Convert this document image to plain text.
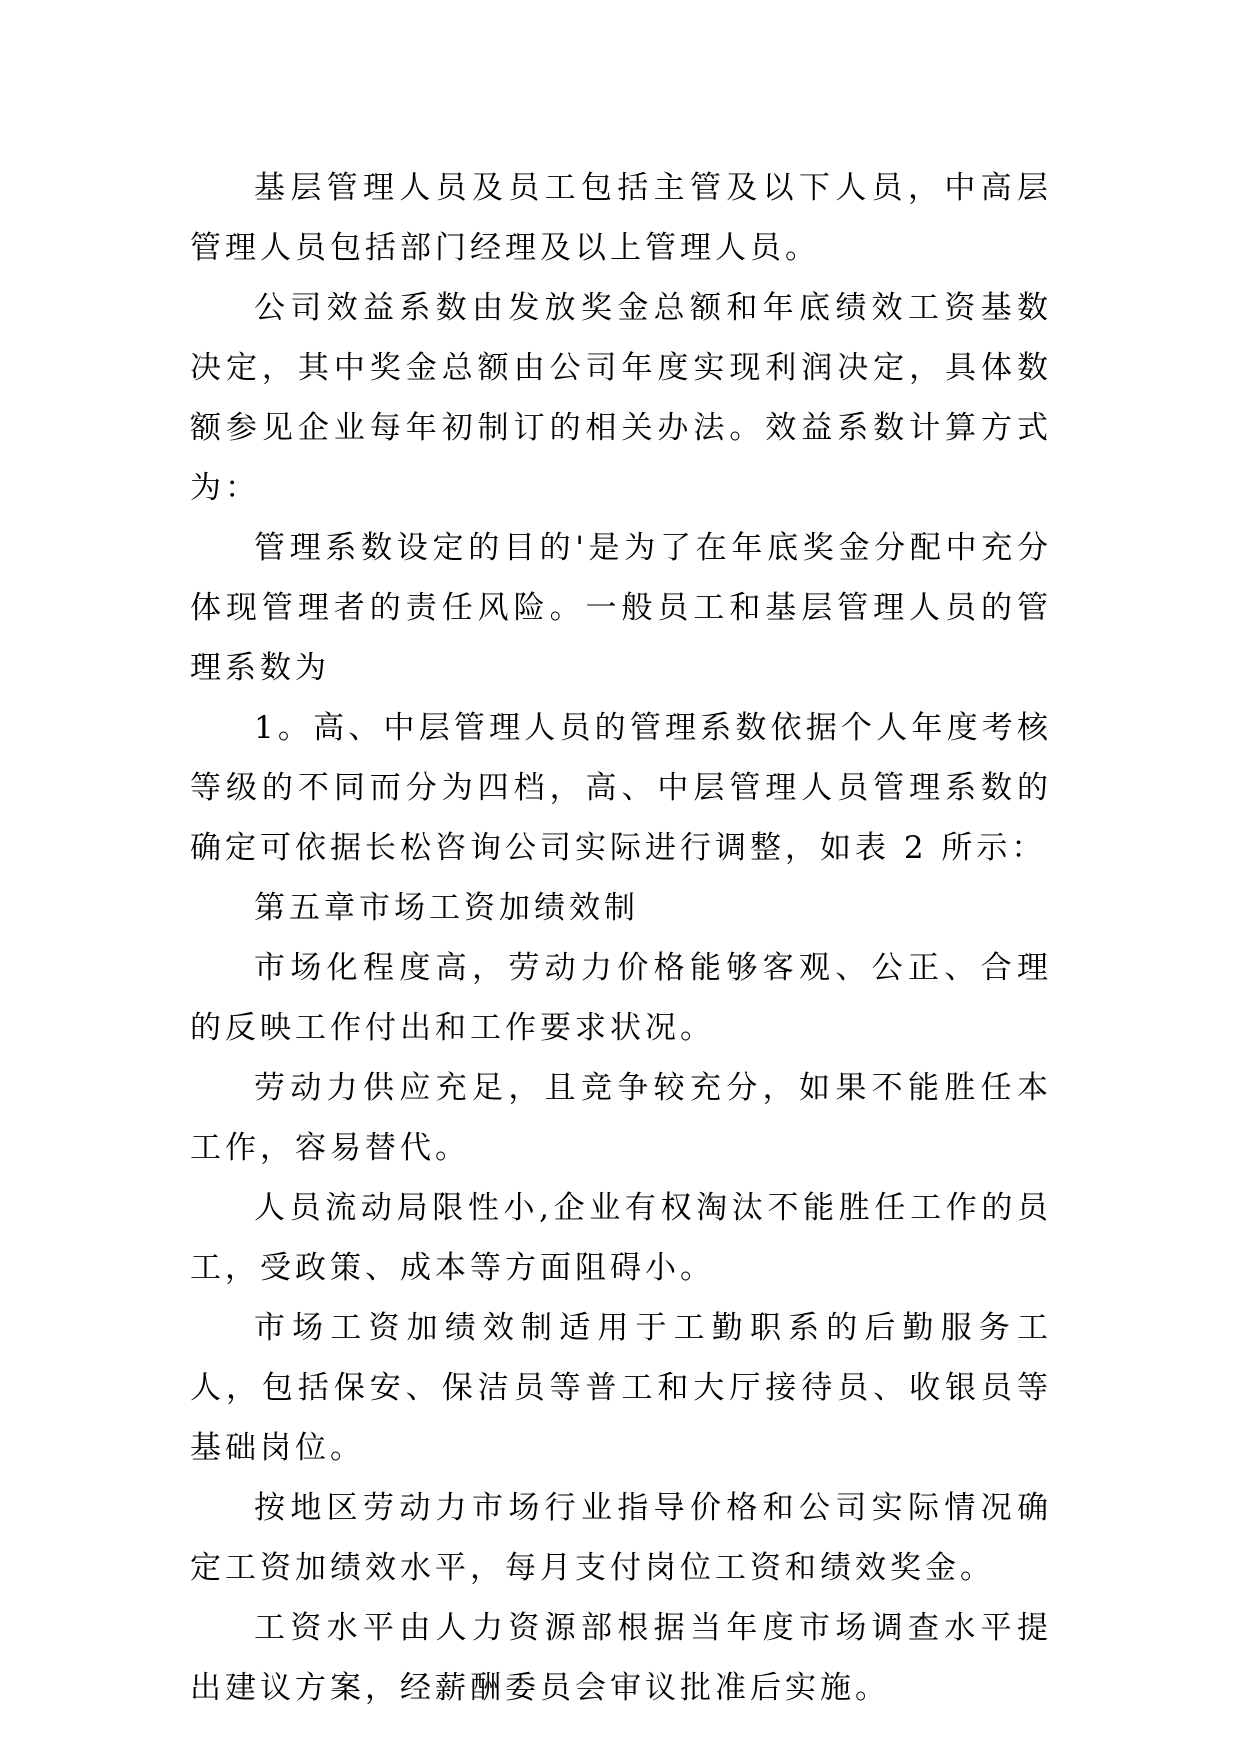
基层管理人员及员工包括主管及以下人员，中高层管理人员包括部门经理及以上管理人员。

公司效益系数由发放奖金总额和年底绩效工资基数决定，其中奖金总额由公司年度实现利润决定，具体数额参见企业每年初制订的相关办法。效益系数计算方式为：

管理系数设定的目的'是为了在年底奖金分配中充分体现管理者的责任风险。一般员工和基层管理人员的管理系数为

1。高、中层管理人员的管理系数依据个人年度考核等级的不同而分为四档，高、中层管理人员管理系数的确定可依据长松咨询公司实际进行调整，如表 2 所示：

第五章市场工资加绩效制

市场化程度高，劳动力价格能够客观、公正、合理的反映工作付出和工作要求状况。

劳动力供应充足，且竞争较充分，如果不能胜任本工作，容易替代。

人员流动局限性小,企业有权淘汰不能胜任工作的员工，受政策、成本等方面阻碍小。

市场工资加绩效制适用于工勤职系的后勤服务工人，包括保安、保洁员等普工和大厅接待员、收银员等基础岗位。

按地区劳动力市场行业指导价格和公司实际情况确定工资加绩效水平，每月支付岗位工资和绩效奖金。

工资水平由人力资源部根据当年度市场调查水平提出建议方案，经薪酬委员会审议批准后实施。
